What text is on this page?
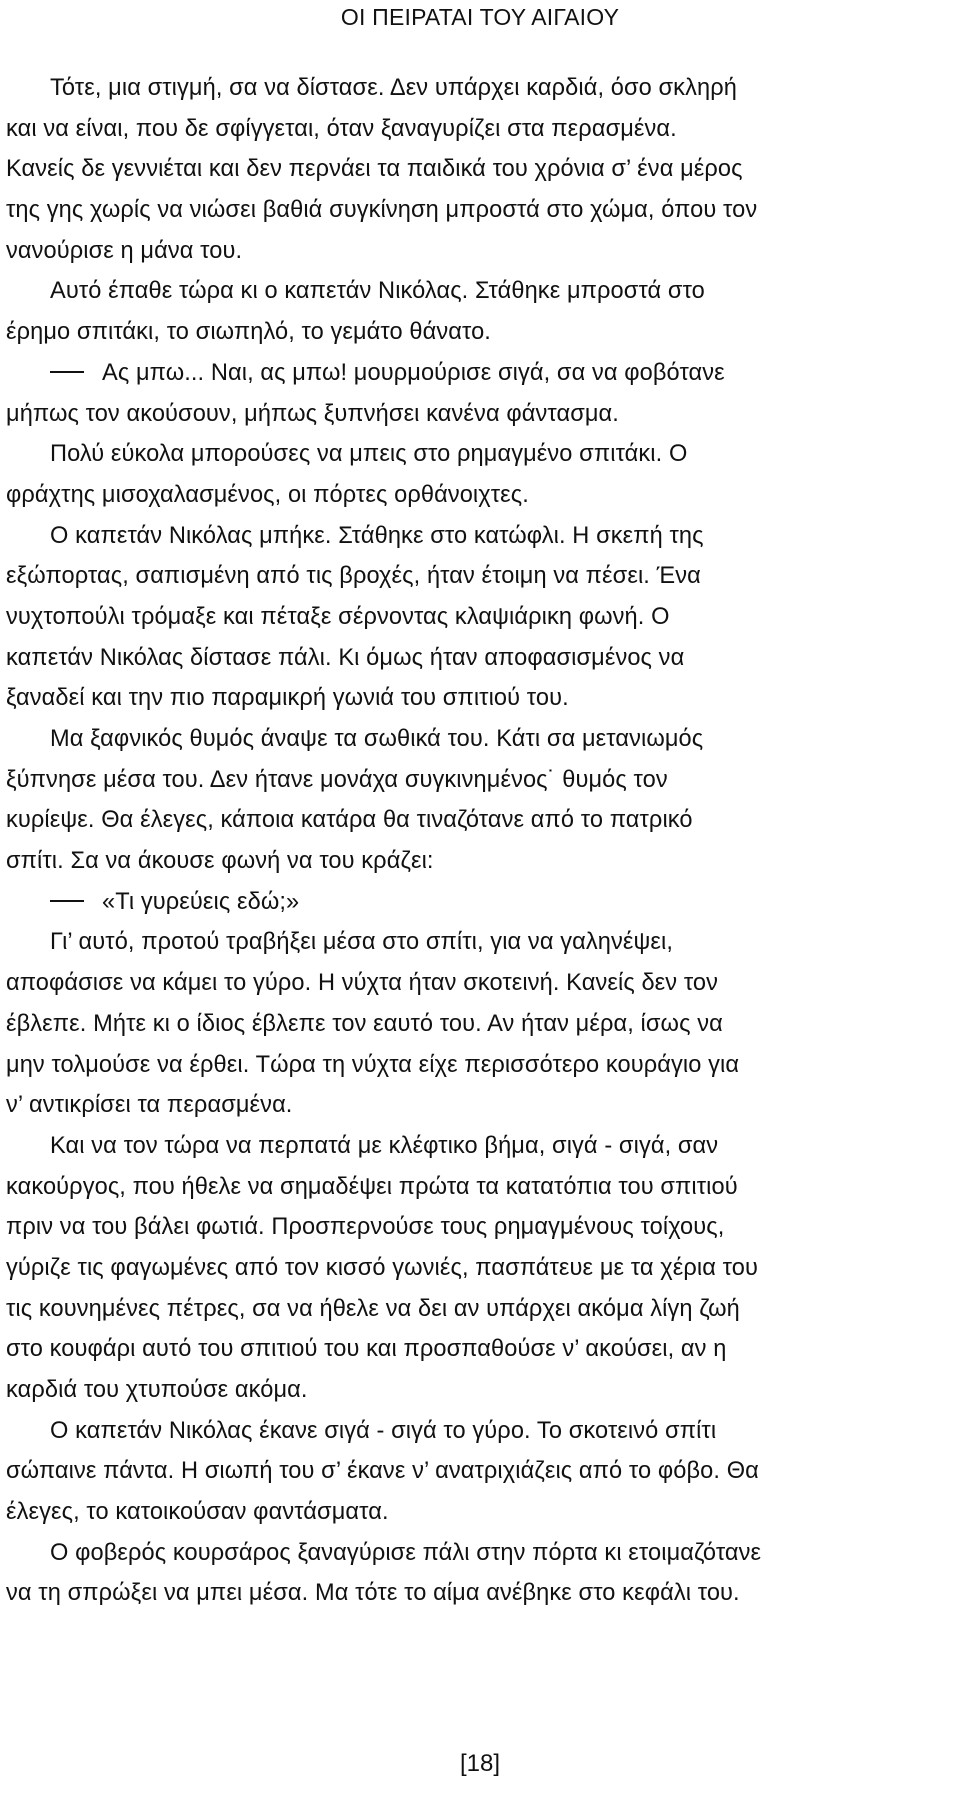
ΟΙ ΠΕΙΡΑΤΑΙ ΤΟΥ ΑΙΓΑΙΟΥ
Τότε, μια στιγμή, σα να δίστασε. Δεν υπάρχει καρδιά, όσο σκληρή
και να είναι, που δε σφίγγεται, όταν ξαναγυρίζει στα περασμένα.
Κανείς δε γεννιέται και δεν περνάει τα παιδικά του χρόνια σ’ ένα μέρος
της γης χωρίς να νιώσει βαθιά συγκίνηση μπροστά στο χώμα, όπου τον
νανούρισε η μάνα του.
Αυτό έπαθε τώρα κι ο καπετάν Νικόλας. Στάθηκε μπροστά στο
έρημο σπιτάκι, το σιωπηλό, το γεμάτο θάνατο.
Ας μπω... Ναι, ας μπω! μουρμούρισε σιγά, σα να φοβότανε
μήπως τον ακούσουν, μήπως ξυπνήσει κανένα φάντασμα.
Πολύ εύκολα μπορούσες να μπεις στο ρημαγμένο σπιτάκι. Ο
φράχτης μισοχαλασμένος, οι πόρτες ορθάνοιχτες.
Ο καπετάν Νικόλας μπήκε. Στάθηκε στο κατώφλι. Η σκεπή της
εξώπορτας, σαπισμένη από τις βροχές, ήταν έτοιμη να πέσει. Ένα
νυχτοπούλι τρόμαξε και πέταξε σέρνοντας κλαψιάρικη φωνή. Ο
καπετάν Νικόλας δίστασε πάλι. Κι όμως ήταν αποφασισμένος να
ξαναδεί και την πιο παραμικρή γωνιά του σπιτιού του.
Μα ξαφνικός θυμός άναψε τα σωθικά του. Κάτι σα μετανιωμός
ξύπνησε μέσα του. Δεν ήτανε μονάχα συγκινημένος˙ θυμός τον
κυρίεψε. Θα έλεγες, κάποια κατάρα θα τιναζότανε από το πατρικό
σπίτι. Σα να άκουσε φωνή να του κράζει:
«Τι γυρεύεις εδώ;»
Γι’ αυτό, προτού τραβήξει μέσα στο σπίτι, για να γαληνέψει,
αποφάσισε να κάμει το γύρο. Η νύχτα ήταν σκοτεινή. Κανείς δεν τον
έβλεπε. Μήτε κι ο ίδιος έβλεπε τον εαυτό του. Αν ήταν μέρα, ίσως να
μην τολμούσε να έρθει. Τώρα τη νύχτα είχε περισσότερο κουράγιο για
ν’ αντικρίσει τα περασμένα.
Και να τον τώρα να περπατά με κλέφτικο βήμα, σιγά - σιγά, σαν
κακούργος, που ήθελε να σημαδέψει πρώτα τα κατατόπια του σπιτιού
πριν να του βάλει φωτιά. Προσπερνούσε τους ρημαγμένους τοίχους,
γύριζε τις φαγωμένες από τον κισσό γωνιές, πασπάτευε με τα χέρια του
τις κουνημένες πέτρες, σα να ήθελε να δει αν υπάρχει ακόμα λίγη ζωή
στο κουφάρι αυτό του σπιτιού του και προσπαθούσε ν’ ακούσει, αν η
καρδιά του χτυπούσε ακόμα.
Ο καπετάν Νικόλας έκανε σιγά - σιγά το γύρο. Το σκοτεινό σπίτι
σώπαινε πάντα. Η σιωπή του σ’ έκανε ν’ ανατριχιάζεις από το φόβο. Θα
έλεγες, το κατοικούσαν φαντάσματα.
Ο φοβερός κουρσάρος ξαναγύρισε πάλι στην πόρτα κι ετοιμαζότανε
να τη σπρώξει να μπει μέσα. Μα τότε το αίμα ανέβηκε στο κεφάλι του.
[18]
